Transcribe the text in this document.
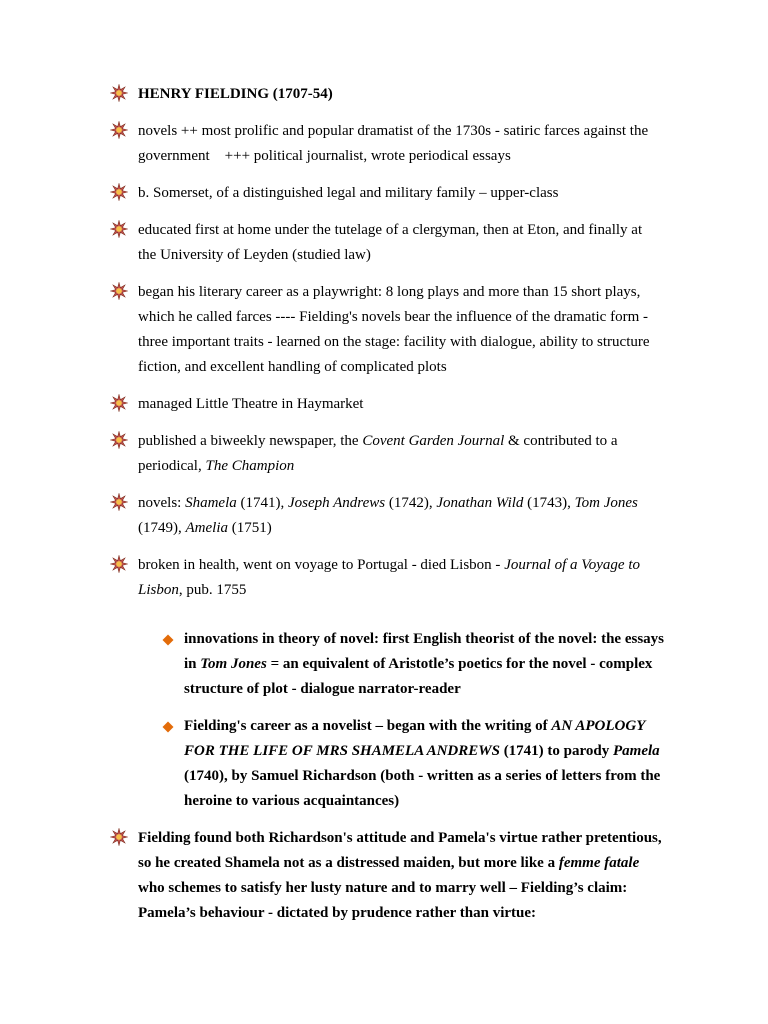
HENRY FIELDING (1707-54)
novels ++ most prolific and popular dramatist of the 1730s - satiric farces against the government    +++ political journalist, wrote periodical essays
b. Somerset, of a distinguished legal and military family – upper-class
educated first at home under the tutelage of a clergyman, then at Eton, and finally at the University of Leyden (studied law)
began his literary career as a playwright: 8 long plays and more than 15 short plays, which he called farces ---- Fielding's novels bear the influence of the dramatic form - three important traits - learned on the stage: facility with dialogue, ability to structure fiction, and excellent handling of complicated plots
managed Little Theatre in Haymarket
published a biweekly newspaper, the Covent Garden Journal & contributed to a periodical, The Champion
novels: Shamela (1741), Joseph Andrews (1742), Jonathan Wild (1743), Tom Jones (1749), Amelia (1751)
broken in health, went on voyage to Portugal - died Lisbon - Journal of a Voyage to Lisbon, pub. 1755
innovations in theory of novel: first English theorist of the novel: the essays in Tom Jones = an equivalent of Aristotle’s poetics for the novel - complex structure of plot - dialogue narrator-reader
Fielding's career as a novelist – began with the writing of AN APOLOGY FOR THE LIFE OF MRS SHAMELA ANDREWS (1741) to parody Pamela (1740), by Samuel Richardson (both - written as a series of letters from the heroine to various acquaintances)
Fielding found both Richardson's attitude and Pamela's virtue rather pretentious, so he created Shamela not as a distressed maiden, but more like a femme fatale who schemes to satisfy her lusty nature and to marry well – Fielding’s claim: Pamela’s behaviour - dictated by prudence rather than virtue:
